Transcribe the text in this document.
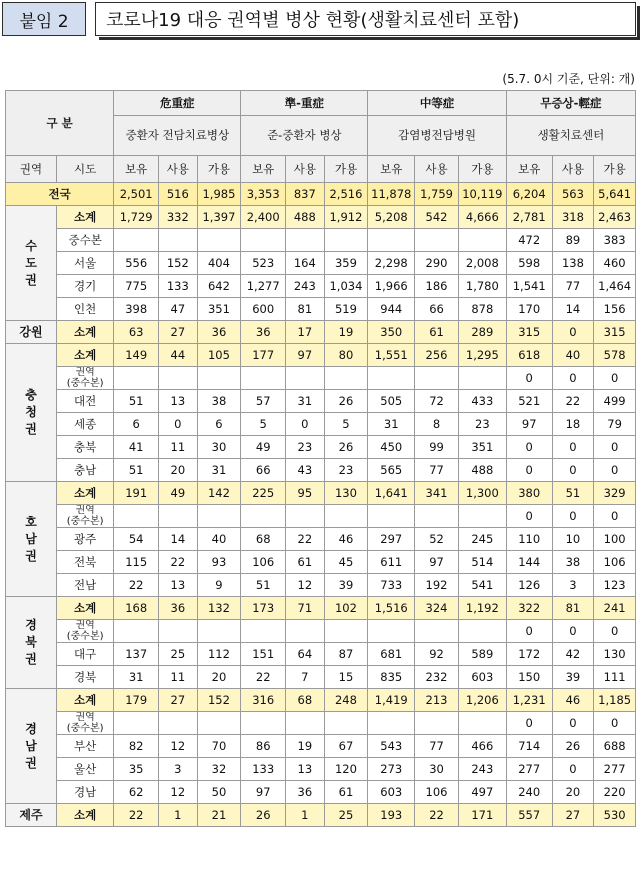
붙임 2	코로나19 대응 권역별 병상 현황(생활치료센터 포함)
(5.7. 0시 기준, 단위: 개)
구 분		危重症			準-重症			中等症			무증상-輕症		
		중환자 전담치료병상			준-중환자 병상			감염병전담병원			생활치료센터		
권역	시도	보유	사용	가용	보유	사용	가용	보유	사용	가용	보유	사용	가용
전국		2,501	516	1,985	3,353	837	2,516	11,878	1,759	10,119	6,204	563	5,641

수
도
권	소계	1,729	332	1,397	2,400	488	1,912	5,208	542	4,666	2,781	318	2,463
	중수본										472	89	383
	서울	556	152	404	523	164	359	2,298	290	2,008	598	138	460
	경기	775	133	642	1,277	243	1,034	1,966	186	1,780	1,541	77	1,464
	인천	398	47	351	600	81	519	944	66	878	170	14	156

강원	소계	63	27	36	36	17	19	350	61	289	315	0	315

충
청
권	소계	149	44	105	177	97	80	1,551	256	1,295	618	40	578
	권역
(중수본)										0	0	0
	대전	51	13	38	57	31	26	505	72	433	521	22	499
	세종	6	0	6	5	0	5	31	8	23	97	18	79
	충북	41	11	30	49	23	26	450	99	351	0	0	0
	충남	51	20	31	66	43	23	565	77	488	0	0	0

호
남
권	소계	191	49	142	225	95	130	1,641	341	1,300	380	51	329
	권역
(중수본)										0	0	0
	광주	54	14	40	68	22	46	297	52	245	110	10	100
	전북	115	22	93	106	61	45	611	97	514	144	38	106
	전남	22	13	9	51	12	39	733	192	541	126	3	123

경
북
권	소계	168	36	132	173	71	102	1,516	324	1,192	322	81	241
	권역
(중수본)										0	0	0
	대구	137	25	112	151	64	87	681	92	589	172	42	130
	경북	31	11	20	22	7	15	835	232	603	150	39	111

경
남
권	소계	179	27	152	316	68	248	1,419	213	1,206	1,231	46	1,185
	권역
(중수본)										0	0	0
	부산	82	12	70	86	19	67	543	77	466	714	26	688
	울산	35	3	32	133	13	120	273	30	243	277	0	277
	경남	62	12	50	97	36	61	603	106	497	240	20	220

제주	소계	22	1	21	26	1	25	193	22	171	557	27	530
